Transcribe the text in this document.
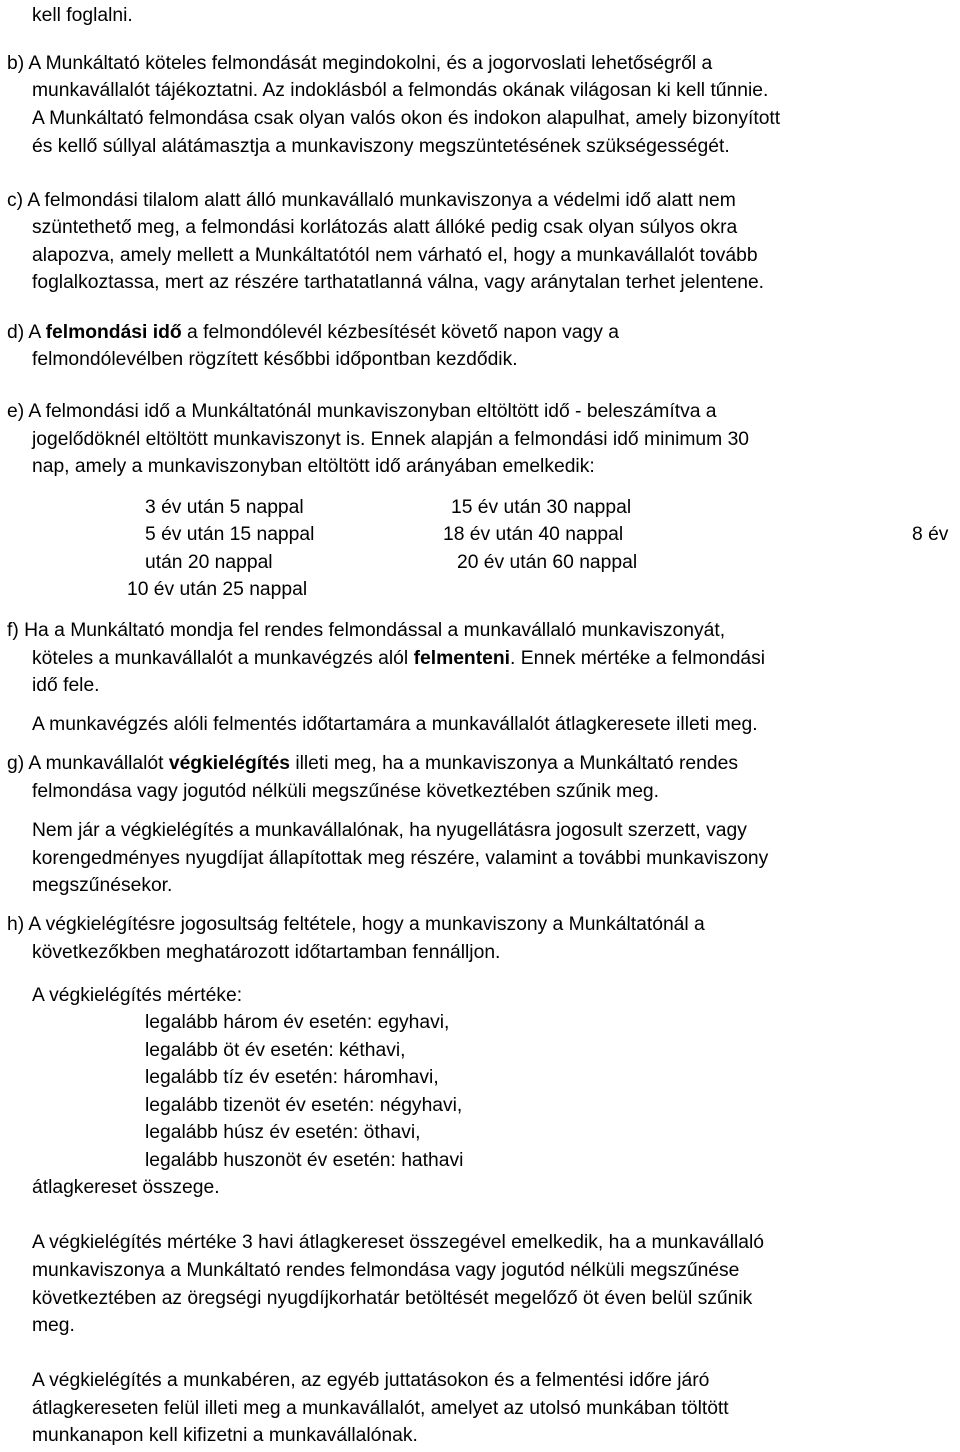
kell foglalni.
b) A Munkáltató köteles felmondását megindokolni, és a jogorvoslati lehetőségről a
munkavállalót tájékoztatni. Az indoklásból a felmondás okának világosan ki kell tűnnie.
A Munkáltató felmondása csak olyan valós okon és indokon alapulhat, amely bizonyított
és kellő súllyal alátámasztja a munkaviszony megszüntetésének szükségességét.
c) A felmondási tilalom alatt álló munkavállaló munkaviszonya a védelmi idő alatt nem
szüntethető meg, a felmondási korlátozás alatt állóké pedig csak olyan súlyos okra
alapozva, amely mellett a Munkáltatótól nem várható el, hogy a munkavállalót tovább
foglalkoztassa, mert az részére tarthatatlanná válna, vagy aránytalan terhet jelentene.
d) A felmondási idő a felmondólevél kézbesítését követő napon vagy a
felmondólevélben rögzített későbbi időpontban kezdődik.
e) A felmondási idő a Munkáltatónál munkaviszonyban eltöltött idő - beleszámítva a
jogelődöknél eltöltött munkaviszonyt is. Ennek alapján a felmondási idő minimum 30
nap, amely a munkaviszonyban eltöltött idő arányában emelkedik:
3 év után 5 nappal	15 év után 30 nappal
5 év után 15 nappal	18 év után 40 nappal	8 év
után 20 nappal	20 év után 60 nappal
10 év után 25 nappal
f) Ha a Munkáltató mondja fel rendes felmondással a munkavállaló munkaviszonyát,
köteles a munkavállalót a munkavégzés alól felmenteni. Ennek mértéke a felmondási
idő fele.
A munkavégzés alóli felmentés időtartamára a munkavállalót átlagkeresete illeti meg.
g) A munkavállalót végkielégítés illeti meg, ha a munkaviszonya a Munkáltató rendes
felmondása vagy jogutód nélküli megszűnése következtében szűnik meg.
Nem jár a végkielégítés a munkavállalónak, ha nyugellátásra jogosult szerzett, vagy
korengedményes nyugdíjat állapítottak meg részére, valamint a további munkaviszony
megszűnésekor.
h) A végkielégítésre jogosultság feltétele, hogy a munkaviszony a Munkáltatónál a
következőkben meghatározott időtartamban fennálljon.
A végkielégítés mértéke:
legalább három év esetén: egyhavi,
legalább öt év esetén: kéthavi,
legalább tíz év esetén: háromhavi,
legalább tizenöt év esetén: négyhavi,
legalább húsz év esetén: öthavi,
legalább huszonöt év esetén: hathavi
átlagkereset összege.
A végkielégítés mértéke 3 havi átlagkereset összegével emelkedik, ha a munkavállaló
munkaviszonya a Munkáltató rendes felmondása vagy jogutód nélküli megszűnése
következtében az öregségi nyugdíjkorhatár betöltését megelőző öt éven belül szűnik
meg.
A végkielégítés a munkabéren, az egyéb juttatásokon és a felmentési időre járó
átlagkereseten felül illeti meg a munkavállalót, amelyet az utolsó munkában töltött
munkanapon kell kifizetni a munkavállalónak.
